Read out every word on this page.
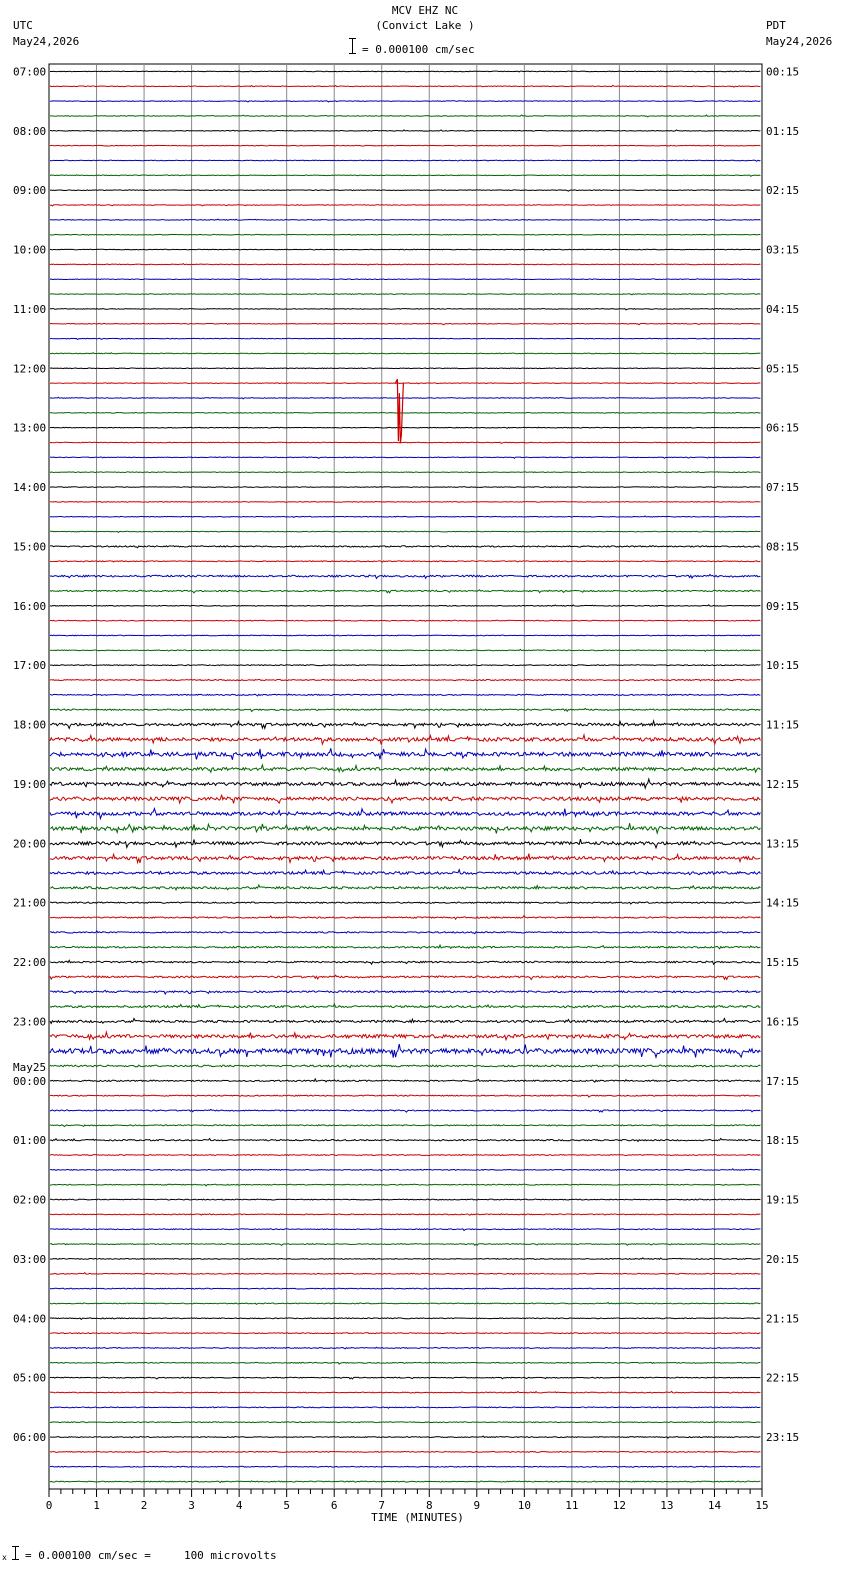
MCV EHZ NC
(Convict Lake )
= 0.000100 cm/sec
UTC
May24,2026
PDT
May24,2026
0	1	2	3	4	5	6	7	8	9	10	11	12	13	14	15
TIME (MINUTES)
07:00
08:00
09:00
10:00
11:00
12:00
13:00
14:00
15:00
16:00
17:00
18:00
19:00
20:00
21:00
22:00
23:00
00:00
May25
01:00
02:00
03:00
04:00
05:00
06:00
00:15
01:15
02:15
03:15
04:15
05:15
06:15
07:15
08:15
09:15
10:15
11:15
12:15
13:15
14:15
15:15
16:15
17:15
18:15
19:15
20:15
21:15
22:15
23:15
x = 0.000100 cm/sec =     100 microvolts
